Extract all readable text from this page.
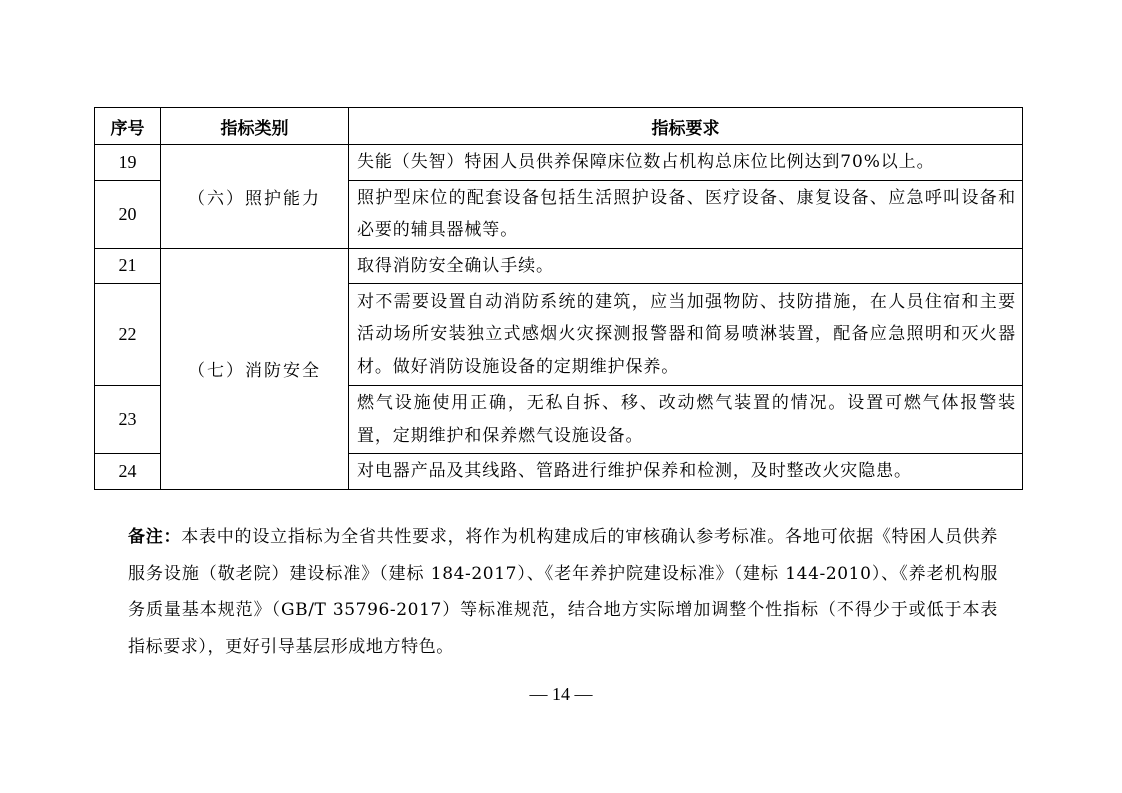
序号	指标类别	指标要求
19	（六）照护能力	失能（失智）特困人员供养保障床位数占机构总床位比例达到70%以上。
20		照护型床位的配套设备包括生活照护设备、医疗设备、康复设备、应急呼叫设备和必要的辅具器械等。
21	（七）消防安全	取得消防安全确认手续。
22		对不需要设置自动消防系统的建筑，应当加强物防、技防措施，在人员住宿和主要活动场所安装独立式感烟火灾探测报警器和简易喷淋装置，配备应急照明和灭火器材。做好消防设施设备的定期维护保养。
23		燃气设施使用正确，无私自拆、移、改动燃气装置的情况。设置可燃气体报警装置，定期维护和保养燃气设施设备。
24		对电器产品及其线路、管路进行维护保养和检测，及时整改火灾隐患。
备注：本表中的设立指标为全省共性要求，将作为机构建成后的审核确认参考标准。各地可依据《特困人员供养服务设施（敬老院）建设标准》（建标 184-2017）、《老年养护院建设标准》（建标 144-2010）、《养老机构服务质量基本规范》（GB/T 35796-2017）等标准规范，结合地方实际增加调整个性指标（不得少于或低于本表指标要求），更好引导基层形成地方特色。
— 14 —
